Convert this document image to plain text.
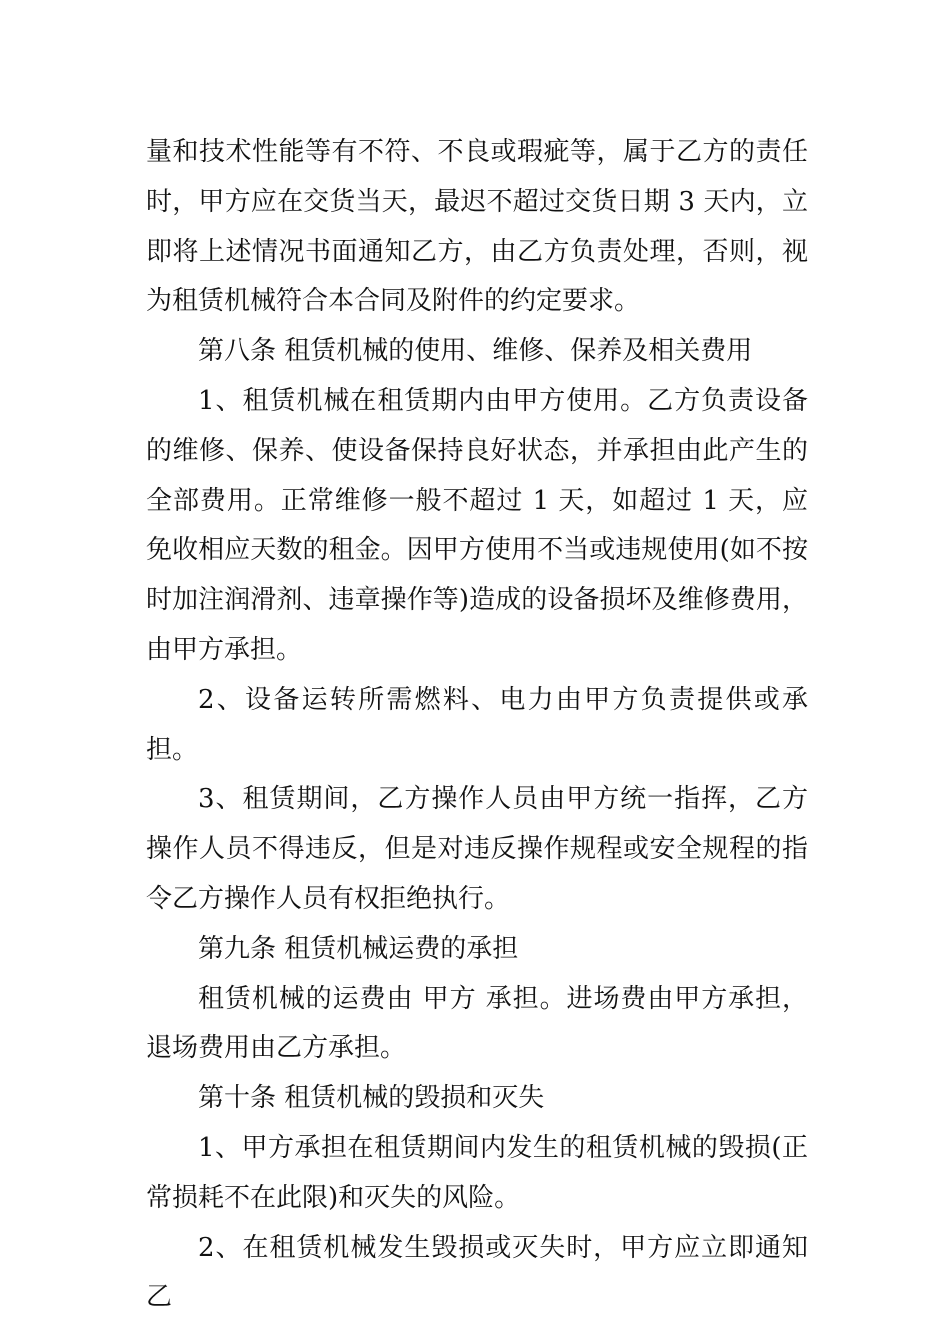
量和技术性能等有不符、不良或瑕疵等，属于乙方的责任时，甲方应在交货当天，最迟不超过交货日期 3 天内，立即将上述情况书面通知乙方，由乙方负责处理，否则，视为租赁机械符合本合同及附件的约定要求。

第八条 租赁机械的使用、维修、保养及相关费用

1、租赁机械在租赁期内由甲方使用。乙方负责设备的维修、保养、使设备保持良好状态，并承担由此产生的全部费用。正常维修一般不超过 1 天，如超过 1 天，应免收相应天数的租金。因甲方使用不当或违规使用(如不按时加注润滑剂、违章操作等)造成的设备损坏及维修费用，由甲方承担。

2、设备运转所需燃料、电力由甲方负责提供或承担。

3、租赁期间，乙方操作人员由甲方统一指挥，乙方操作人员不得违反，但是对违反操作规程或安全规程的指令乙方操作人员有权拒绝执行。

第九条 租赁机械运费的承担

租赁机械的运费由 甲方 承担。进场费由甲方承担，退场费用由乙方承担。

第十条 租赁机械的毁损和灭失

1、甲方承担在租赁期间内发生的租赁机械的毁损(正常损耗不在此限)和灭失的风险。

2、在租赁机械发生毁损或灭失时，甲方应立即通知乙
